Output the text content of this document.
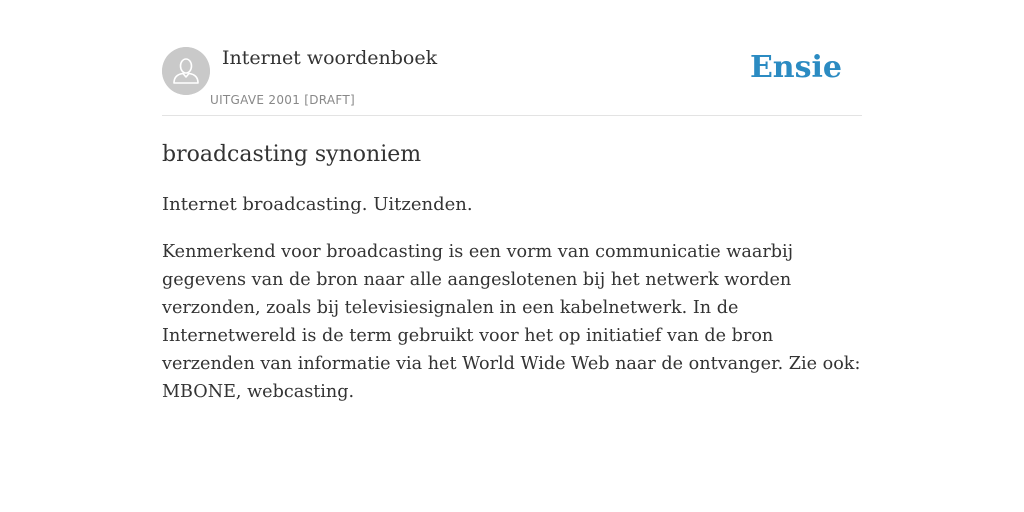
Internet woordenboek
UITGAVE 2001 [DRAFT]
Ensie
broadcasting synoniem

Internet broadcasting. Uitzenden.

Kenmerkend voor broadcasting is een vorm van communicatie waarbij gegevens van de bron naar alle aangeslotenen bij het netwerk worden verzonden, zoals bij televisiesignalen in een kabelnetwerk. In de Internetwereld is de term gebruikt voor het op initiatief van de bron verzenden van informatie via het World Wide Web naar de ontvanger. Zie ook: MBONE, webcasting.
